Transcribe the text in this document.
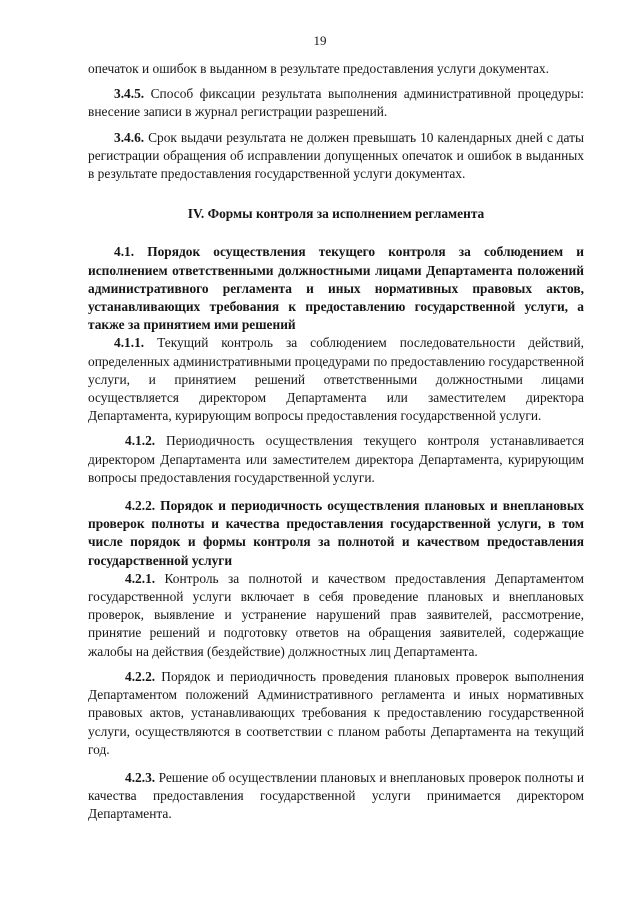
19

опечаток и ошибок в выданном в результате предоставления услуги документах.

3.4.5. Способ фиксации результата выполнения административной процедуры: внесение записи в журнал регистрации разрешений.

3.4.6. Срок выдачи результата не должен превышать 10 календарных дней с даты регистрации обращения об исправлении допущенных опечаток и ошибок в выданных в результате предоставления государственной услуги документах.

IV. Формы контроля за исполнением регламента

4.1. Порядок осуществления текущего контроля за соблюдением и исполнением ответственными должностными лицами Департамента положений административного регламента и иных нормативных правовых актов, устанавливающих требования к предоставлению государственной услуги, а также за принятием ими решений

4.1.1. Текущий контроль за соблюдением последовательности действий, определенных административными процедурами по предоставлению государственной услуги, и принятием решений ответственными должностными лицами осуществляется директором Департамента или заместителем директора Департамента, курирующим вопросы предоставления государственной услуги.

4.1.2. Периодичность осуществления текущего контроля устанавливается директором Департамента или заместителем директора Департамента, курирующим вопросы предоставления государственной услуги.

4.2.2. Порядок и периодичность осуществления плановых и внеплановых проверок полноты и качества предоставления государственной услуги, в том числе порядок и формы контроля за полнотой и качеством предоставления государственной услуги

4.2.1. Контроль за полнотой и качеством предоставления Департаментом государственной услуги включает в себя проведение плановых и внеплановых проверок, выявление и устранение нарушений прав заявителей, рассмотрение, принятие решений и подготовку ответов на обращения заявителей, содержащие жалобы на действия (бездействие) должностных лиц Департамента.

4.2.2. Порядок и периодичность проведения плановых проверок выполнения Департаментом положений Административного регламента и иных нормативных правовых актов, устанавливающих требования к предоставлению государственной услуги, осуществляются в соответствии с планом работы Департамента на текущий год.

4.2.3. Решение об осуществлении плановых и внеплановых проверок полноты и качества предоставления государственной услуги принимается директором Департамента.
